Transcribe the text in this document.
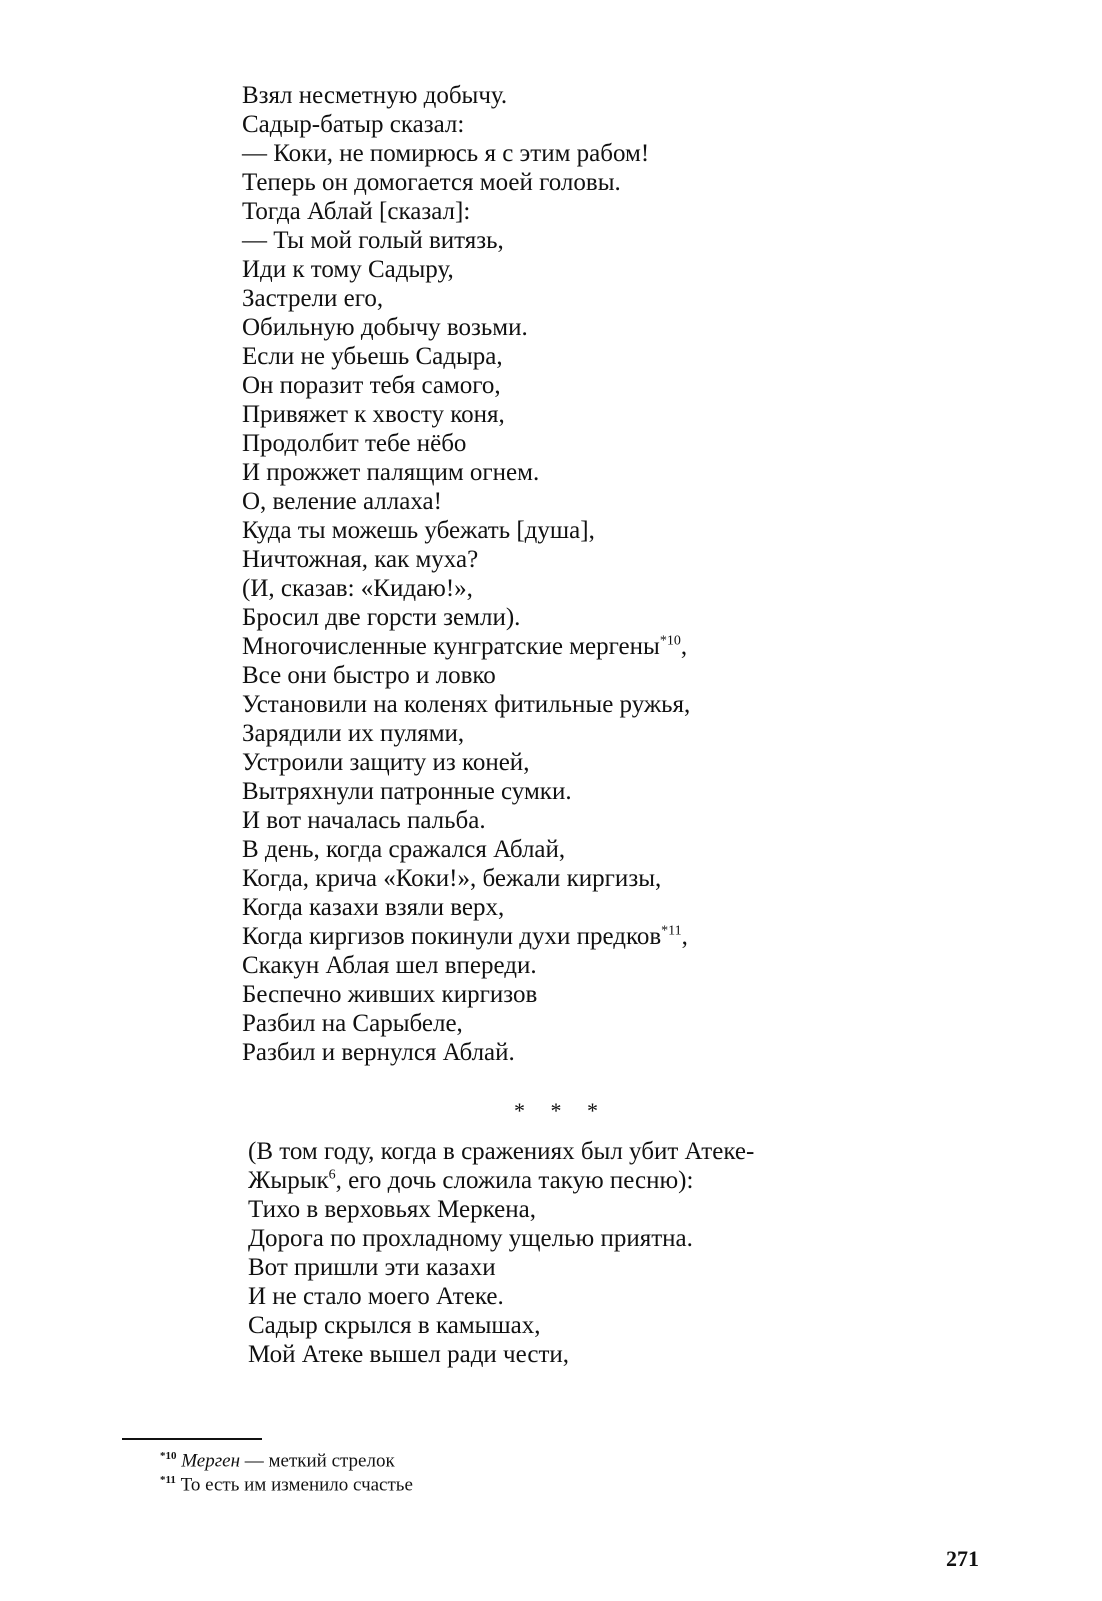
Взял несметную добычу.
Садыр-батыр сказал:
— Коки, не помирюсь я с этим рабом!
Теперь он домогается моей головы.
Тогда Аблай [сказал]:
— Ты мой голый витязь,
Иди к тому Садыру,
Застрели его,
Обильную добычу возьми.
Если не убьешь Садыра,
Он поразит тебя самого,
Привяжет к хвосту коня,
Продолбит тебе нёбо
И прожжет палящим огнем.
О, веление аллаха!
Куда ты можешь убежать [душа],
Ничтожная, как муха?
(И, сказав: «Кидаю!»,
Бросил две горсти земли).
Многочисленные кунгратские мергены$^{*10}$,
Все они быстро и ловко
Установили на коленях фитильные ружья,
Зарядили их пулями,
Устроили защиту из коней,
Вытряхнули патронные сумки.
И вот началась пальба.
В день, когда сражался Аблай,
Когда, крича «Коки!», бежали киргизы,
Когда казахи взяли верх,
Когда киргизов покинули духи предков$^{*11}$,
Скакун Аблая шел впереди.
Беспечно живших киргизов
Разбил на Сарыбеле,
Разбил и вернулся Аблай.
* * *
(В том году, когда в сражениях был убит Атеке-
Жырык$^6$, его дочь сложила такую песню):
Тихо в верховьях Меркена,
Дорога по прохладному ущелью приятна.
Вот пришли эти казахи
И не стало моего Атеке.
Садыр скрылся в камышах,
Мой Атеке вышел ради чести,
$^{*10}$ Мерген — меткий стрелок
$^{*11}$ То есть им изменило счастье
271
